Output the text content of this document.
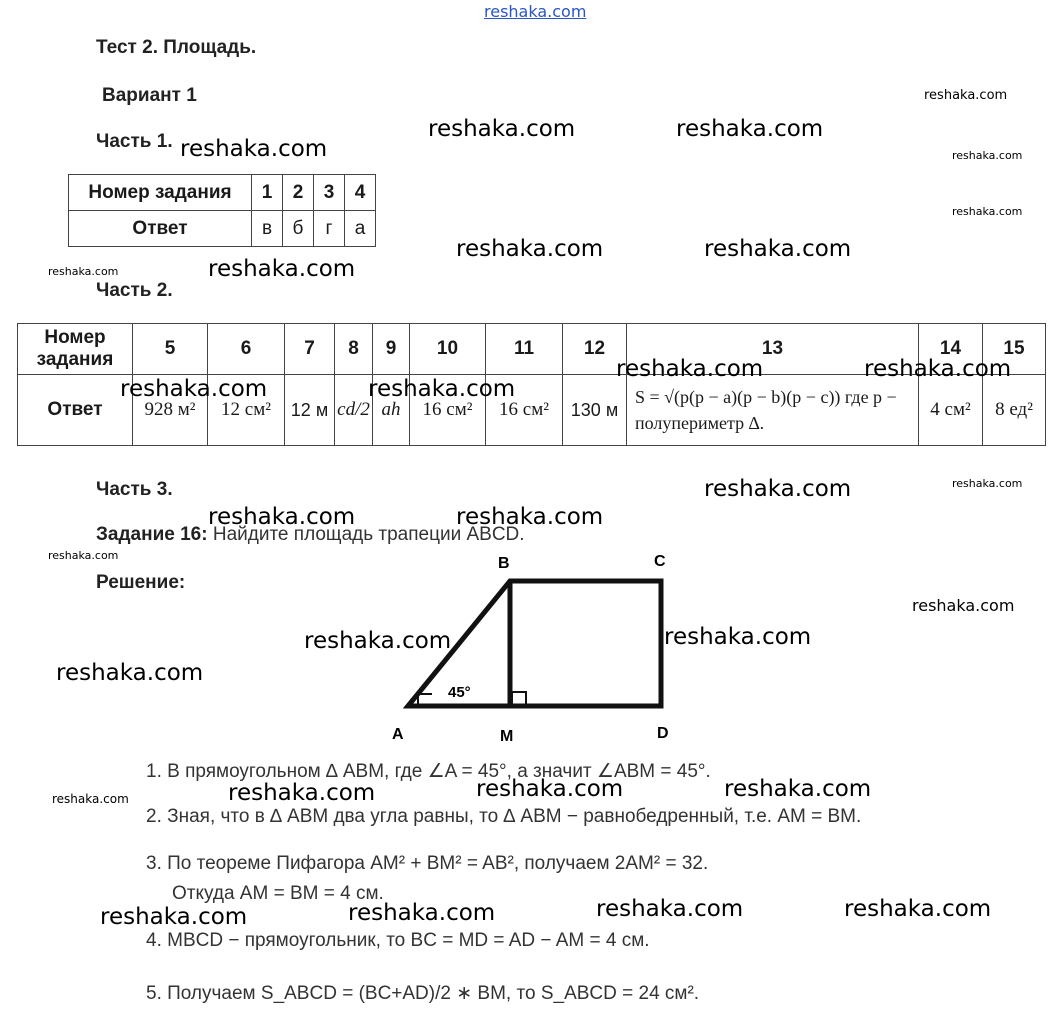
reshaka.com
Тест 2. Площадь.
Вариант 1
Часть 1.
Номер задания	1	2	3	4
Ответ	в	б	г	а
Часть 2.
Номер задания	5	6	7	8	9	10	11	12	13	14	15
Ответ	928 м²	12 см²	12 м	cd/2	ah	16 см²	16 см²	130 м	S = √(p(p − a)(p − b)(p − c)) где p − полупериметр ∆.	4 см²	8 ед²
Часть 3.
Задание 16: Найдите площадь трапеции ABCD.
Решение:
A
B	C
D
M
45°
1. В прямоугольном ∆ ABM, где ∠A = 45°, а значит ∠ABM = 45°.
2. Зная, что в ∆ ABM два угла равны, то ∆ ABM − равнобедренный, т.е. AM = BM.
3. По теореме Пифагора AM² + BM² = AB², получаем 2AM² = 32.
Откуда AM = BM = 4 см.
4. MBCD − прямоугольник, то BC = MD = AD − AM = 4 см.
5. Получаем S_ABCD = (BC+AD)/2 ∗ BM, то S_ABCD = 24 см².
reshaka.com
reshaka.com	reshaka.com
reshaka.com	reshaka.com
reshaka.com
reshaka.com	reshaka.com
reshaka.com	reshaka.com
reshaka.com
reshaka.com	reshaka.com
reshaka.com	reshaka.com
reshaka.com
reshaka.com	reshaka.com
reshaka.com
reshaka.com	reshaka.com
reshaka.com
reshaka.com
reshaka.com
reshaka.com
reshaka.com
reshaka.com
reshaka.com
reshaka.com
reshaka.com
reshaka.com
